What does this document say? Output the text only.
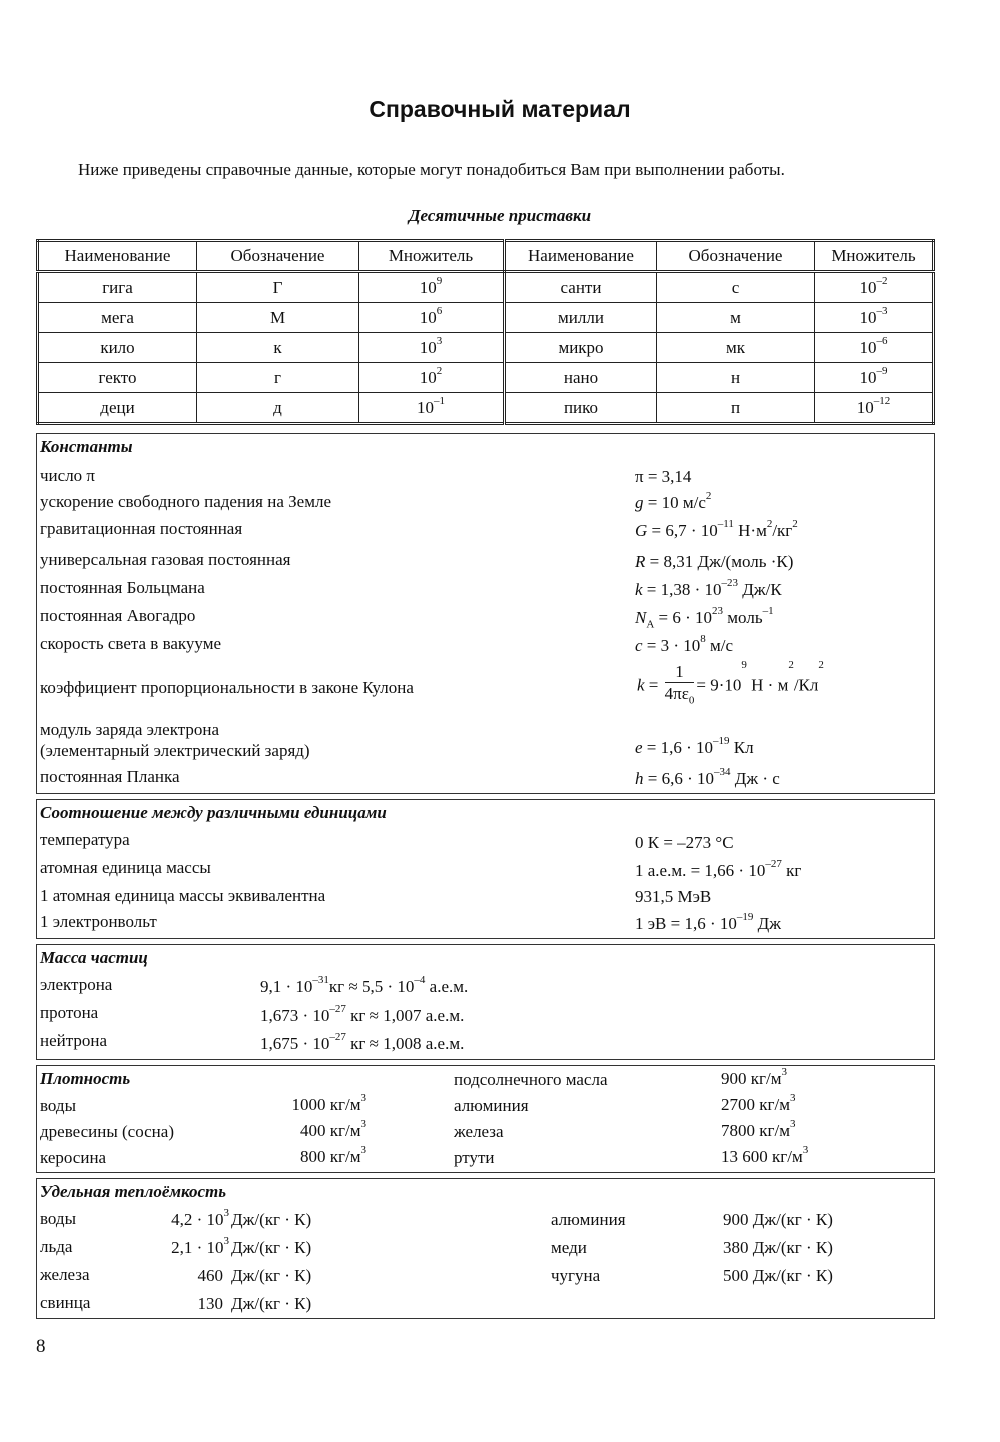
Справочный материал
Ниже приведены справочные данные, которые могут понадобиться Вам при выполнении работы.
Десятичные приставки
Наименование	Обозначение	Множитель	Наименование	Обозначение	Множитель
гига	Г	$10^9$	санти	с	$10^{-2}$
мега	М	$10^6$	милли	м	$10^{-3}$
кило	к	$10^3$	микро	мк	$10^{-6}$
гекто	г	$10^2$	нано	н	$10^{-9}$
деци	д	$10^{-1}$	пико	п	$10^{-12}$
Константы
число π	π = 3,14
ускорение свободного падения на Земле	g = 10 $м/с^2$
гравитационная постоянная	$G = 6,7 \cdot 10^{-11}$ $Н\cdot м^2/кг^2$
универсальная газовая постоянная	R = 8,31 Дж/(моль ·К)
постоянная Больцмана	$k = 1,38 \cdot 10^{-23}$ Дж/К
постоянная Авогадро	$N_A = 6 \cdot 10^{23}$ моль$^{-1}$
скорость света в вакууме	$c = 3 \cdot 10^8$ м/с
коэффициент пропорциональности в законе Кулона	$k = \frac{1}{4\pi\varepsilon_0} = 9\cdot 10^9$ $Н \cdot м^2/Кл^2$
модуль заряда электрона
(элементарный электрический заряд)	$e = 1,6 \cdot 10^{-19}$ Кл
постоянная Планка	$h = 6,6 \cdot 10^{-34}$ Дж · с
Соотношение между различными единицами
температура	0 К = –273 °С
атомная единица массы	1 а.е.м. = $1,66 \cdot 10^{-27}$ кг
1 атомная единица массы эквивалентна	931,5 МэВ
1 электронвольт	1 эВ = $1,6 \cdot 10^{-19}$ Дж
Масса частиц
электрона	$9,1 \cdot 10^{-31}кг \approx 5,5 \cdot 10^{-4}$ а.е.м.
протона	$1,673 \cdot 10^{-27}$ кг ≈ 1,007 а.е.м.
нейтрона	$1,675 \cdot 10^{-27}$ кг ≈ 1,008 а.е.м.
Плотность
воды	1000 $кг/м^3$
древесины (сосна)	400 $кг/м^3$
керосина	800 $кг/м^3$
подсолнечного масла	900 $кг/м^3$
алюминия	2700 $кг/м^3$
железа	7800 $кг/м^3$
ртути	13 600 $кг/м^3$
Удельная теплоёмкость
воды	$4,2 \cdot 10^3$ Дж/(кг · К)
льда	$2,1 \cdot 10^3$ Дж/(кг · К)
железа	460 Дж/(кг · К)
свинца	130 Дж/(кг · К)
алюминия	900 Дж/(кг · К)
меди	380 Дж/(кг · К)
чугуна	500 Дж/(кг · К)
8
